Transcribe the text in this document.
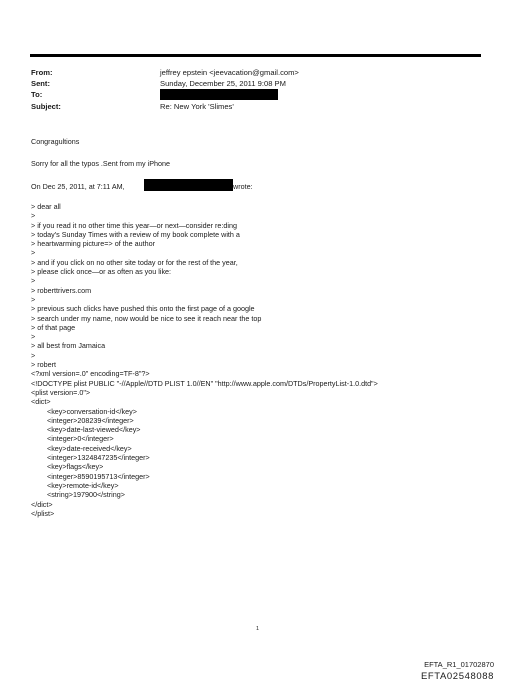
From:	jeffrey epstein <jeevacation@gmail.com>
Sent:	Sunday, December 25, 2011 9:08 PM
To:
Subject:	Re: New York 'Slimes'
Congragultions
Sorry for all the typos .Sent from my iPhone
On Dec 25, 2011, at 7:11 AM,	wrote:
> dear all
>
> if you read it no other time this year—or next—consider re:ding
> today's Sunday Times with a review of my book complete with a
> heartwarming picture=> of the author
>
> and if you click on no other site today or for the rest of the year,
> please click once—or as often as you like:
>
> roberttrivers.com
>
> previous such clicks have pushed this onto the first page of a google
> search under my name, now would be nice to see it reach near the top
> of that page
>
> all best from Jamaica
>
> robert
<?xml version=.0" encoding=TF-8"?>
<!DOCTYPE plist PUBLIC "-//Apple//DTD PLIST 1.0//EN" "http://www.apple.com/DTDs/PropertyList-1.0.dtd">
<plist version=.0">
<dict>
<key>conversation-id</key>
<integer>208239</integer>
<key>date-last-viewed</key>
<integer>0</integer>
<key>date-received</key>
<integer>1324847235</integer>
<key>flags</key>
<integer>8590195713</integer>
<key>remote-id</key>
<string>197900</string>
</dict>
</plist>
1
EFTA_R1_01702870
EFTA02548088
